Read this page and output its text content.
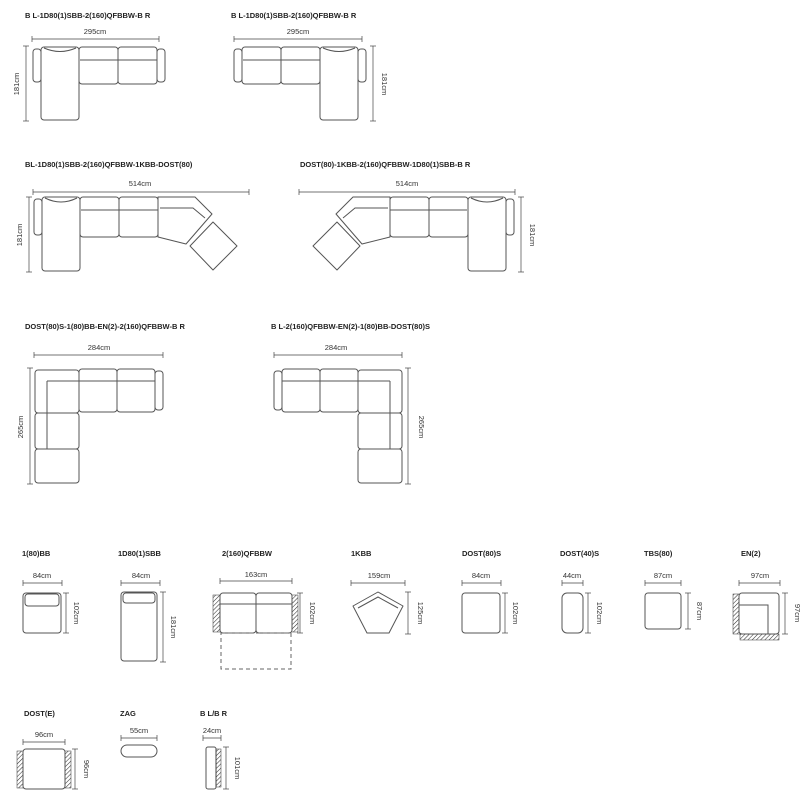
B L-1D80(1)SBB-2(160)QFBBW-B R
295cm
181cm
B L-1D80(1)SBB-2(160)QFBBW-B R
295cm
181cm
BL-1D80(1)SBB-2(160)QFBBW-1KBB-DOST(80)
514cm
181cm
DOST(80)-1KBB-2(160)QFBBW-1D80(1)SBB-B R
514cm
181cm
DOST(80)S-1(80)BB-EN(2)-2(160)QFBBW-B R
284cm
265cm
B L-2(160)QFBBW-EN(2)-1(80)BB-DOST(80)S
284cm
265cm
1(80)BB
84cm
102cm
1D80(1)SBB
84cm
181cm
2(160)QFBBW
163cm
102cm
1KBB
159cm
125cm
DOST(80)S
84cm
102cm
DOST(40)S
44cm
102cm
TBS(80)
87cm
87cm
EN(2)
97cm
97cm
DOST(E)
96cm
96cm
ZAG
55cm
B L/B R
24cm
101cm
